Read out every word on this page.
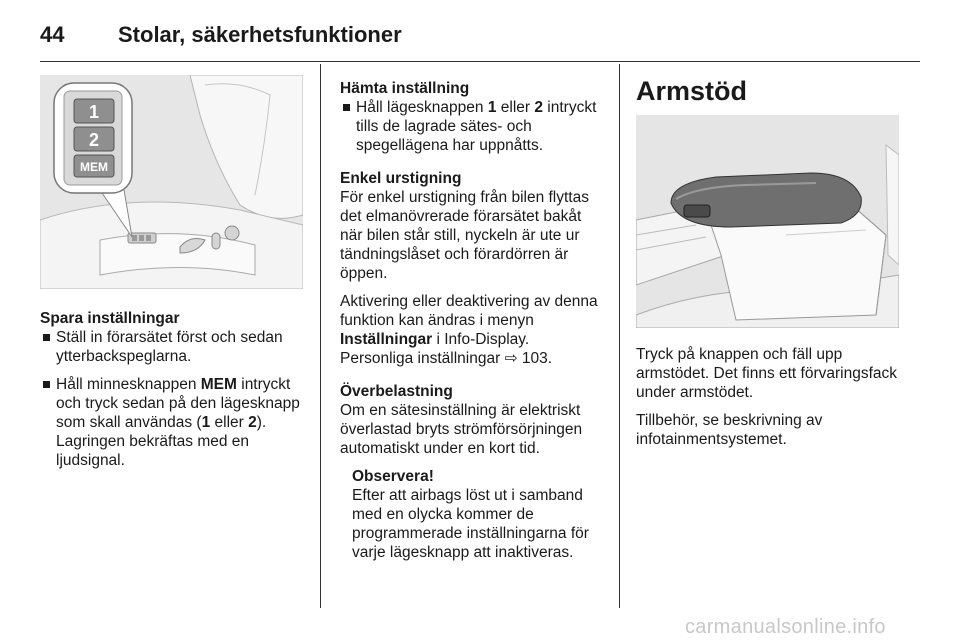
44 Stolar, säkerhetsfunktioner
1
2
MEM

Spara inställningar

Ställ in förarsätet först och sedan ytterbackspeglarna.

Håll minnesknappen MEM intryckt och tryck sedan på den lägesknapp som skall användas (1 eller 2). Lagringen bekräftas med en ljudsignal.

Hämta inställning

Håll lägesknappen 1 eller 2 intryckt tills de lagrade sätes- och spegellägena har uppnåtts.

Enkel urstigning

För enkel urstigning från bilen flyttas det elmanövrerade förarsätet bakåt när bilen står still, nyckeln är ute ur tändningslåset och förardörren är öppen.

Aktivering eller deaktivering av denna funktion kan ändras i menyn Inställningar i Info-Display. Personliga inställningar ⇨ 103.

Överbelastning

Om en sätesinställning är elektriskt överlastad bryts strömförsörjningen automatiskt under en kort tid.

Observera!

Efter att airbags löst ut i samband med en olycka kommer de programmerade inställningarna för varje lägesknapp att inaktiveras.

Armstöd

Tryck på knappen och fäll upp armstödet. Det finns ett förvaringsfack under armstödet.

Tillbehör, se beskrivning av infotainmentsystemet.

carmanualsonline.info
